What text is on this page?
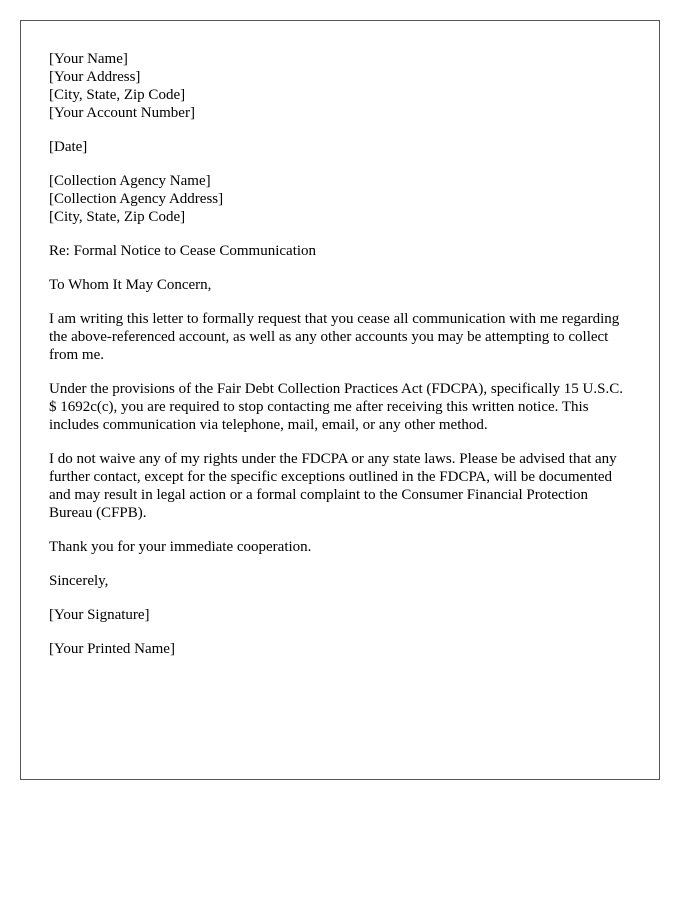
[Your Name]
[Your Address]
[City, State, Zip Code]
[Your Account Number]
[Date]
[Collection Agency Name]
[Collection Agency Address]
[City, State, Zip Code]

Re: Formal Notice to Cease Communication

To Whom It May Concern,

I am writing this letter to formally request that you cease all communication with me regarding the above-referenced account, as well as any other accounts you may be attempting to collect from me.

Under the provisions of the Fair Debt Collection Practices Act (FDCPA), specifically 15 U.S.C. $ 1692c(c), you are required to stop contacting me after receiving this written notice. This includes communication via telephone, mail, email, or any other method.

I do not waive any of my rights under the FDCPA or any state laws. Please be advised that any further contact, except for the specific exceptions outlined in the FDCPA, will be documented and may result in legal action or a formal complaint to the Consumer Financial Protection Bureau (CFPB).

Thank you for your immediate cooperation.

Sincerely,

[Your Signature]

[Your Printed Name]
